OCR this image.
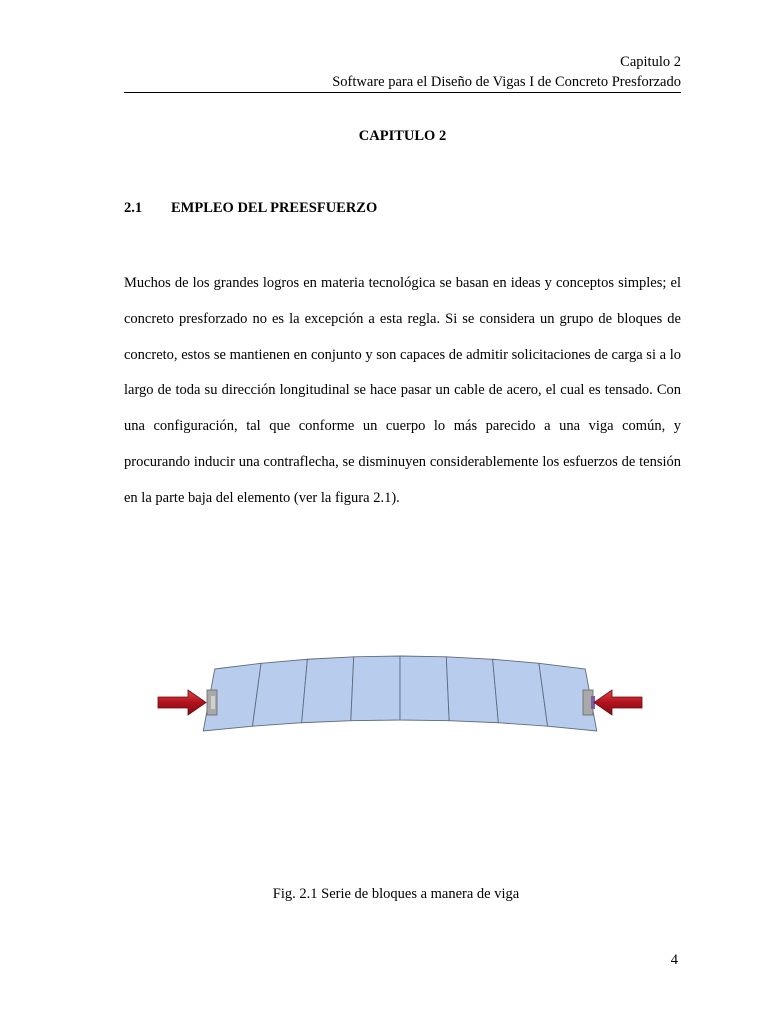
Capitulo 2
Software para el Diseño de Vigas I de Concreto Presforzado
CAPITULO 2
2.1 EMPLEO DEL PREESFUERZO
Muchos de los grandes logros en materia tecnológica se basan en ideas y conceptos simples; el concreto presforzado no es la excepción a esta regla. Si se considera un grupo de bloques de concreto, estos se mantienen en conjunto y son capaces de admitir solicitaciones de carga si a lo largo de toda su dirección longitudinal se hace pasar un cable de acero, el cual es tensado. Con una configuración, tal que conforme un cuerpo lo más parecido a una viga común, y procurando inducir una contraflecha, se disminuyen considerablemente los esfuerzos de tensión en la parte baja del elemento (ver la figura 2.1).
Fig. 2.1 Serie de bloques a manera de viga
4
